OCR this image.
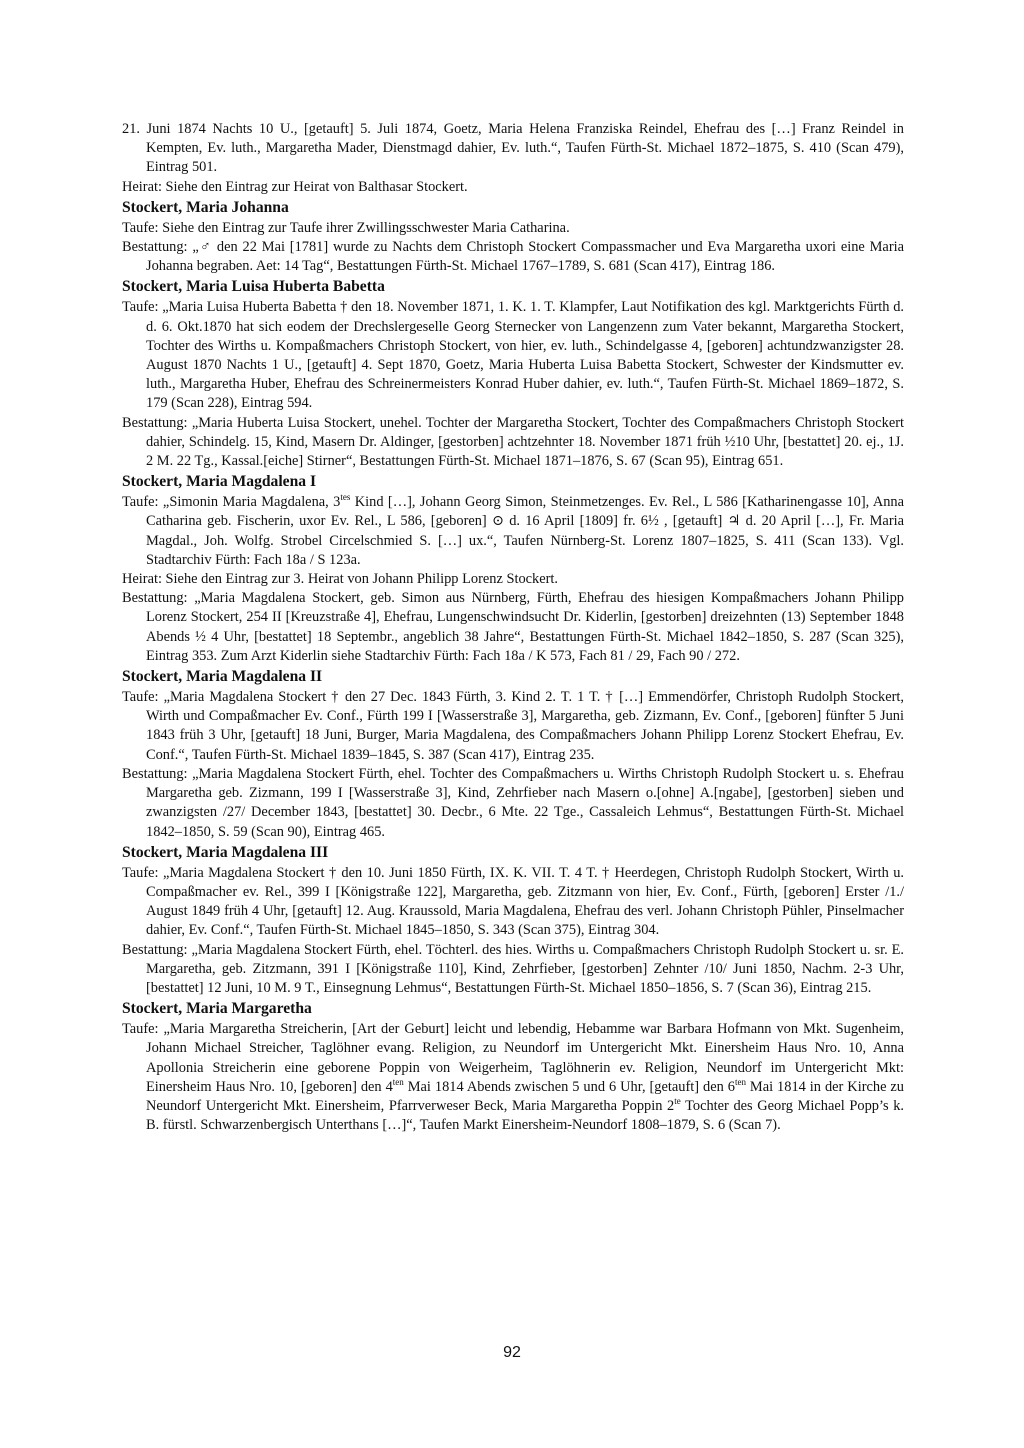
21. Juni 1874 Nachts 10 U., [getauft] 5. Juli 1874, Goetz, Maria Helena Franziska Reindel, Ehefrau des […] Franz Reindel in Kempten, Ev. luth., Margaretha Mader, Dienstmagd dahier, Ev. luth.“, Taufen Fürth-St. Michael 1872–1875, S. 410 (Scan 479), Eintrag 501.
Heirat: Siehe den Eintrag zur Heirat von Balthasar Stockert.
Stockert, Maria Johanna
Taufe: Siehe den Eintrag zur Taufe ihrer Zwillingsschwester Maria Catharina.
Bestattung: „♂ den 22 Mai [1781] wurde zu Nachts dem Christoph Stockert Compassmacher und Eva Margaretha uxori eine Maria Johanna begraben. Aet: 14 Tag“, Bestattungen Fürth-St. Michael 1767–1789, S. 681 (Scan 417), Eintrag 186.
Stockert, Maria Luisa Huberta Babetta
Taufe: „Maria Luisa Huberta Babetta † den 18. November 1871, 1. K. 1. T. Klampfer, Laut Notifikation des kgl. Marktgerichts Fürth d. d. 6. Okt.1870 hat sich eodem der Drechslergeselle Georg Sternecker von Langenzenn zum Vater bekannt, Margaretha Stockert, Tochter des Wirths u. Kompaßmachers Christoph Stockert, von hier, ev. luth., Schindelgasse 4, [geboren] achtundzwanzigster 28. August 1870 Nachts 1 U., [getauft] 4. Sept 1870, Goetz, Maria Huberta Luisa Babetta Stockert, Schwester der Kindsmutter ev. luth., Margaretha Huber, Ehefrau des Schreinermeisters Konrad Huber dahier, ev. luth.“, Taufen Fürth-St. Michael 1869–1872, S. 179 (Scan 228), Eintrag 594.
Bestattung: „Maria Huberta Luisa Stockert, unehel. Tochter der Margaretha Stockert, Tochter des Compaßmachers Christoph Stockert dahier, Schindelg. 15, Kind, Masern Dr. Aldinger, [gestorben] achtzehnter 18. November 1871 früh ½10 Uhr, [bestattet] 20. ej., 1J. 2 M. 22 Tg., Kassal.[eiche] Stirner“, Bestattungen Fürth-St. Michael 1871–1876, S. 67 (Scan 95), Eintrag 651.
Stockert, Maria Magdalena I
Taufe: „Simonin Maria Magdalena, $3^{tes}$ Kind […], Johann Georg Simon, Steinmetzenges. Ev. Rel., L 586 [Katharinengasse 10], Anna Catharina geb. Fischerin, uxor Ev. Rel., L 586, [geboren] ⊙ d. 16 April [1809] fr. 6½ , [getauft] ♃ d. 20 April […], Fr. Maria Magdal., Joh. Wolfg. Strobel Circelschmied S. […] ux.“, Taufen Nürnberg-St. Lorenz 1807–1825, S. 411 (Scan 133). Vgl. Stadtarchiv Fürth: Fach 18a / S 123a.
Heirat: Siehe den Eintrag zur 3. Heirat von Johann Philipp Lorenz Stockert.
Bestattung: „Maria Magdalena Stockert, geb. Simon aus Nürnberg, Fürth, Ehefrau des hiesigen Kompaßmachers Johann Philipp Lorenz Stockert, 254 II [Kreuzstraße 4], Ehefrau, Lungenschwindsucht Dr. Kiderlin, [gestorben] dreizehnten (13) September 1848 Abends ½ 4 Uhr, [bestattet] 18 Septembr., angeblich 38 Jahre“, Bestattungen Fürth-St. Michael 1842–1850, S. 287 (Scan 325), Eintrag 353. Zum Arzt Kiderlin siehe Stadtarchiv Fürth: Fach 18a / K 573, Fach 81 / 29, Fach 90 / 272.
Stockert, Maria Magdalena II
Taufe: „Maria Magdalena Stockert † den 27 Dec. 1843 Fürth, 3. Kind 2. T. 1 T. † […] Emmendörfer, Christoph Rudolph Stockert, Wirth und Compaßmacher Ev. Conf., Fürth 199 I [Wasserstraße 3], Margaretha, geb. Zizmann, Ev. Conf., [geboren] fünfter 5 Juni 1843 früh 3 Uhr, [getauft] 18 Juni, Burger, Maria Magdalena, des Compaßmachers Johann Philipp Lorenz Stockert Ehefrau, Ev. Conf.“, Taufen Fürth-St. Michael 1839–1845, S. 387 (Scan 417), Eintrag 235.
Bestattung: „Maria Magdalena Stockert Fürth, ehel. Tochter des Compaßmachers u. Wirths Christoph Rudolph Stockert u. s. Ehefrau Margaretha geb. Zizmann, 199 I [Wasserstraße 3], Kind, Zehrfieber nach Masern o.[ohne] A.[ngabe], [gestorben] sieben und zwanzigsten /27/ December 1843, [bestattet] 30. Decbr., 6 Mte. 22 Tge., Cassaleich Lehmus“, Bestattungen Fürth-St. Michael 1842–1850, S. 59 (Scan 90), Eintrag 465.
Stockert, Maria Magdalena III
Taufe: „Maria Magdalena Stockert † den 10. Juni 1850 Fürth, IX. K. VII. T. 4 T. † Heerdegen, Christoph Rudolph Stockert, Wirth u. Compaßmacher ev. Rel., 399 I [Königstraße 122], Margaretha, geb. Zitzmann von hier, Ev. Conf., Fürth, [geboren] Erster /1./ August 1849 früh 4 Uhr, [getauft] 12. Aug. Kraussold, Maria Magdalena, Ehefrau des verl. Johann Christoph Pühler, Pinselmacher dahier, Ev. Conf.“, Taufen Fürth-St. Michael 1845–1850, S. 343 (Scan 375), Eintrag 304.
Bestattung: „Maria Magdalena Stockert Fürth, ehel. Töchterl. des hies. Wirths u. Compaßmachers Christoph Rudolph Stockert u. sr. E. Margaretha, geb. Zitzmann, 391 I [Königstraße 110], Kind, Zehrfieber, [gestorben] Zehnter /10/ Juni 1850, Nachm. 2-3 Uhr, [bestattet] 12 Juni, 10 M. 9 T., Einsegnung Lehmus“, Bestattungen Fürth-St. Michael 1850–1856, S. 7 (Scan 36), Eintrag 215.
Stockert, Maria Margaretha
Taufe: „Maria Margaretha Streicherin, [Art der Geburt] leicht und lebendig, Hebamme war Barbara Hofmann von Mkt. Sugenheim, Johann Michael Streicher, Taglöhner evang. Religion, zu Neundorf im Untergericht Mkt. Einersheim Haus Nro. 10, Anna Apollonia Streicherin eine geborene Poppin von Weigerheim, Taglöhnerin ev. Religion, Neundorf im Untergericht Mkt: Einersheim Haus Nro. 10, [geboren] den $4^{ten}$ Mai 1814 Abends zwischen 5 und 6 Uhr, [getauft] den $6^{ten}$ Mai 1814 in der Kirche zu Neundorf Untergericht Mkt. Einersheim, Pfarrverweser Beck, Maria Margaretha Poppin $2^{te}$ Tochter des Georg Michael Popp’s k. B. fürstl. Schwarzenbergisch Unterthans […]“, Taufen Markt Einersheim-Neundorf 1808–1879, S. 6 (Scan 7).
92
